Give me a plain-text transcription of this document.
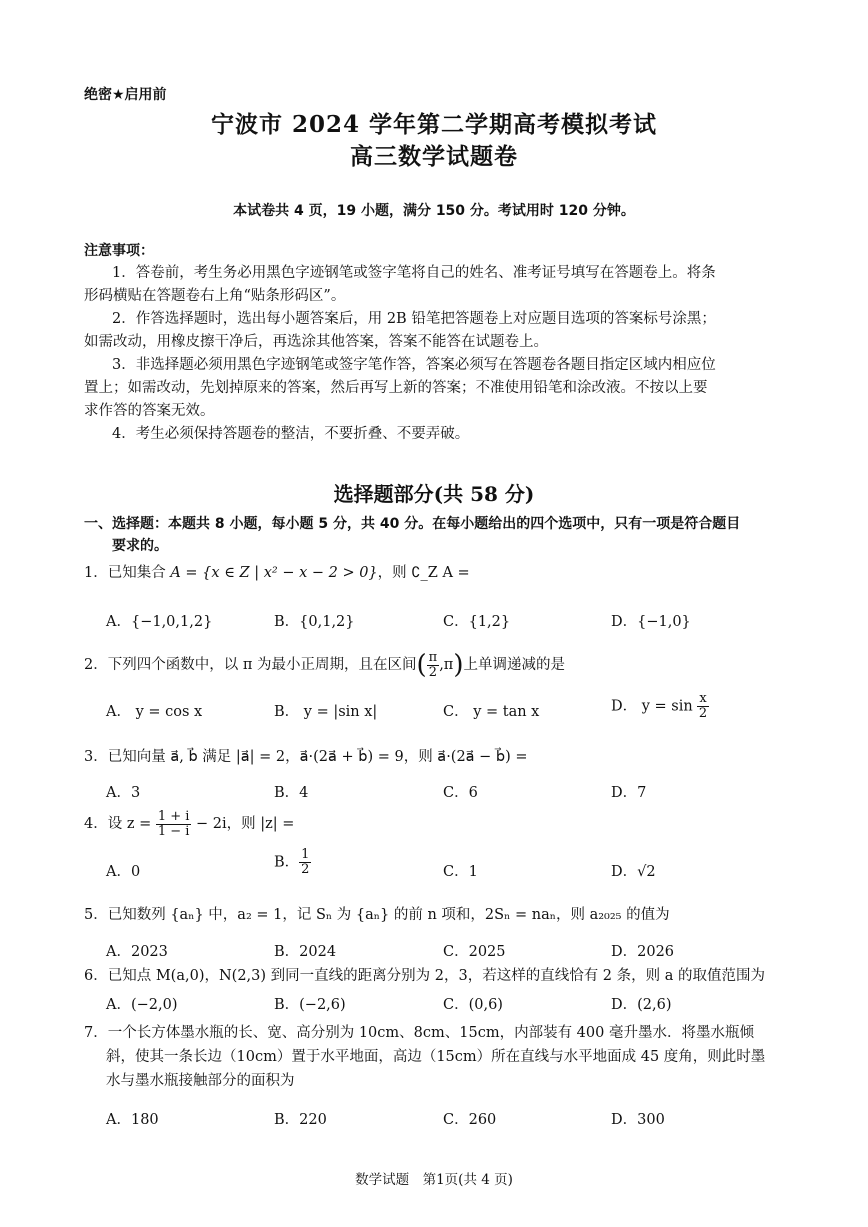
绝密★启用前
宁波市 2024 学年第二学期高考模拟考试
高三数学试题卷
本试卷共 4 页，19 小题，满分 150 分。考试用时 120 分钟。
注意事项：
1．答卷前，考生务必用黑色字迹钢笔或签字笔将自己的姓名、准考证号填写在答题卷上。将条
形码横贴在答题卷右上角“贴条形码区”。
2．作答选择题时，选出每小题答案后，用 2B 铅笔把答题卷上对应题目选项的答案标号涂黑；
如需改动，用橡皮擦干净后，再选涂其他答案，答案不能答在试题卷上。
3．非选择题必须用黑色字迹钢笔或签字笔作答，答案必须写在答题卷各题目指定区域内相应位
置上；如需改动，先划掉原来的答案，然后再写上新的答案；不准使用铅笔和涂改液。不按以上要
求作答的答案无效。
4．考生必须保持答题卷的整洁，不要折叠、不要弄破。
选择题部分(共 58 分)
一、选择题：本题共 8 小题，每小题 5 分，共 40 分。在每小题给出的四个选项中，只有一项是符合题目
要求的。
1．已知集合 A = {x ∈ Z | x² − x − 2 > 0}，则 ∁_Z A =
A．{−1,0,1,2}	B．{0,1,2}	C．{1,2}	D．{−1,0}
2．下列四个函数中，以 π 为最小正周期，且在区间( $\frac{\pi}{2} ,\pi$)上单调递减的是
A． y = cos x	B． y = |sin x|	C． y = tan x	D． $y = \sin \frac{x}{2}$
3．已知向量 a⃗, b⃗ 满足 |a⃗| = 2，a⃗·(2a⃗ + b⃗) = 9，则 a⃗·(2a⃗ − b⃗) =
A．3	B．4	C．6	D．7
4．设 $z = \frac{1 + i}{1 - i} - 2i$，则 |z| =
A．0
B． $\frac{1}{2}$	C．1	D．√2
5．已知数列 {aₙ} 中，a₂ = 1，记 Sₙ 为 {aₙ} 的前 n 项和，2Sₙ = naₙ，则 a₂₀₂₅ 的值为
A．2023	B．2024	C．2025	D．2026
6．已知点 M(a,0)，N(2,3) 到同一直线的距离分别为 2，3，若这样的直线恰有 2 条，则 a 的取值范围为
A．(−2,0)	B．(−2,6)	C．(0,6)	D．(2,6)
7．一个长方体墨水瓶的长、宽、高分别为 10cm、8cm、15cm，内部装有 400 毫升墨水．将墨水瓶倾
斜，使其一条长边（10cm）置于水平地面，高边（15cm）所在直线与水平地面成 45 度角，则此时墨
水与墨水瓶接触部分的面积为
A．180	B．220	C．260	D．300
数学试题　第1页(共 4 页)
